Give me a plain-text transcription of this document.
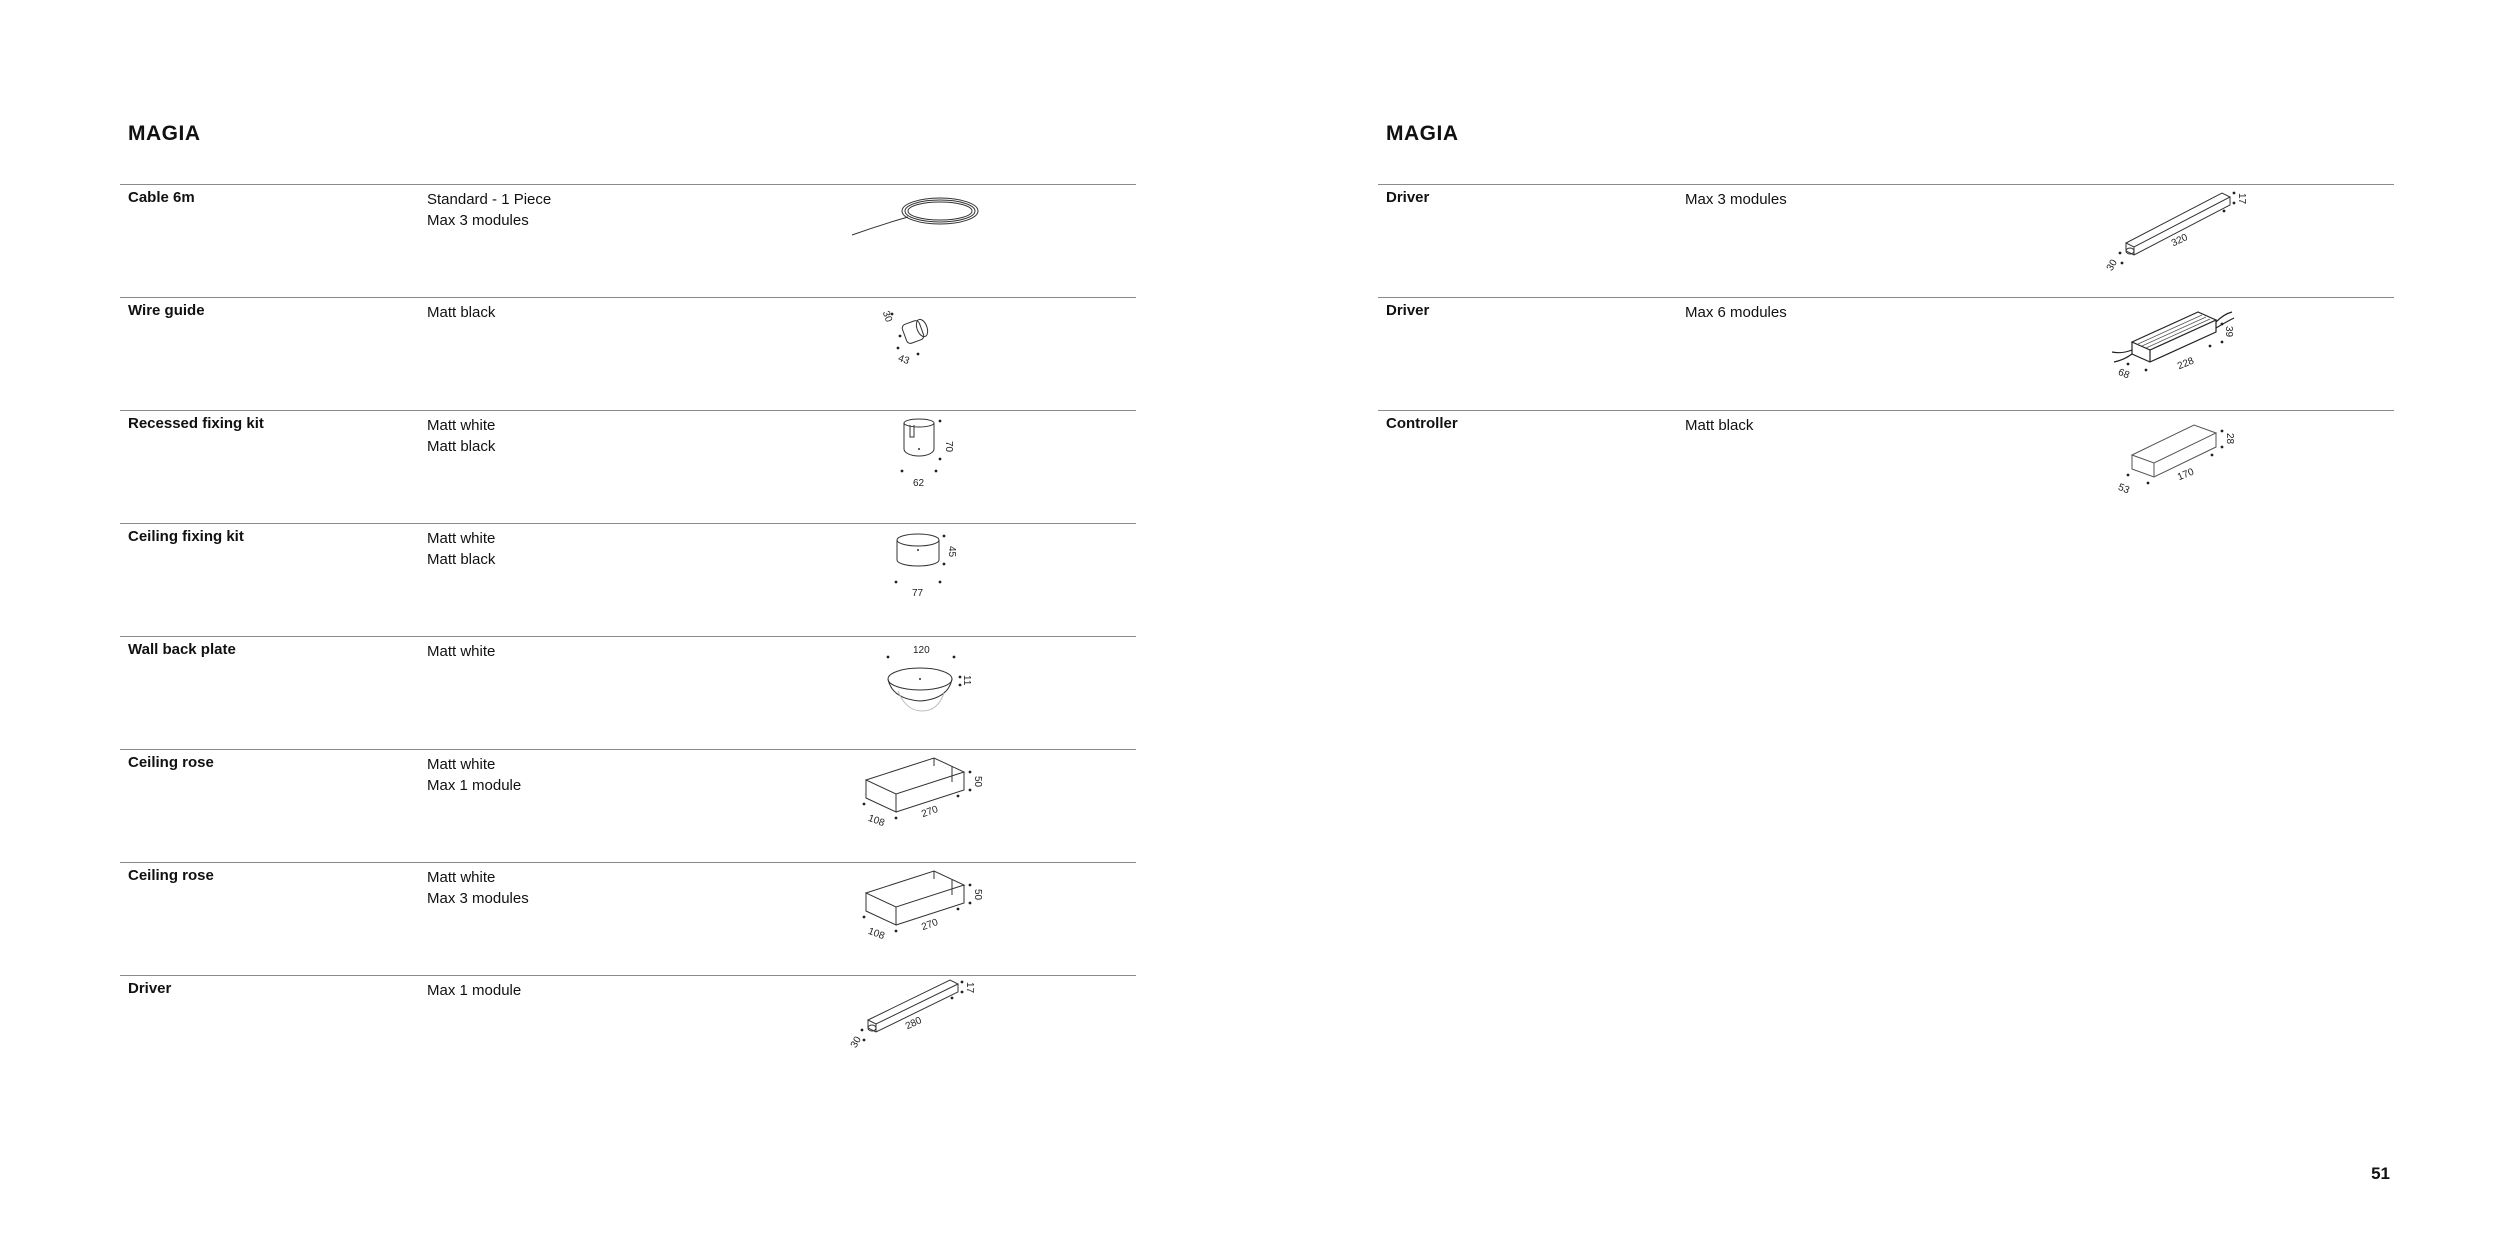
MAGIA
Cable 6m	Standard - 1 Piece
Max 3 modules
Wire guide	Matt black	30
43
Recessed fixing kit	Matt white
Matt black	70
62
Ceiling fixing kit	Matt white
Matt black	45
77
Wall back plate	Matt white	120
11
Ceiling rose	Matt white
Max 1 module	50
270
108
Ceiling rose	Matt white
Max 3 modules	50
270
108
Driver	Max 1 module	17
280
30
MAGIA
Driver	Max 3 modules	17
320
30
Driver	Max 6 modules
39
228
68
Controller	Matt black
28
170
53
51
